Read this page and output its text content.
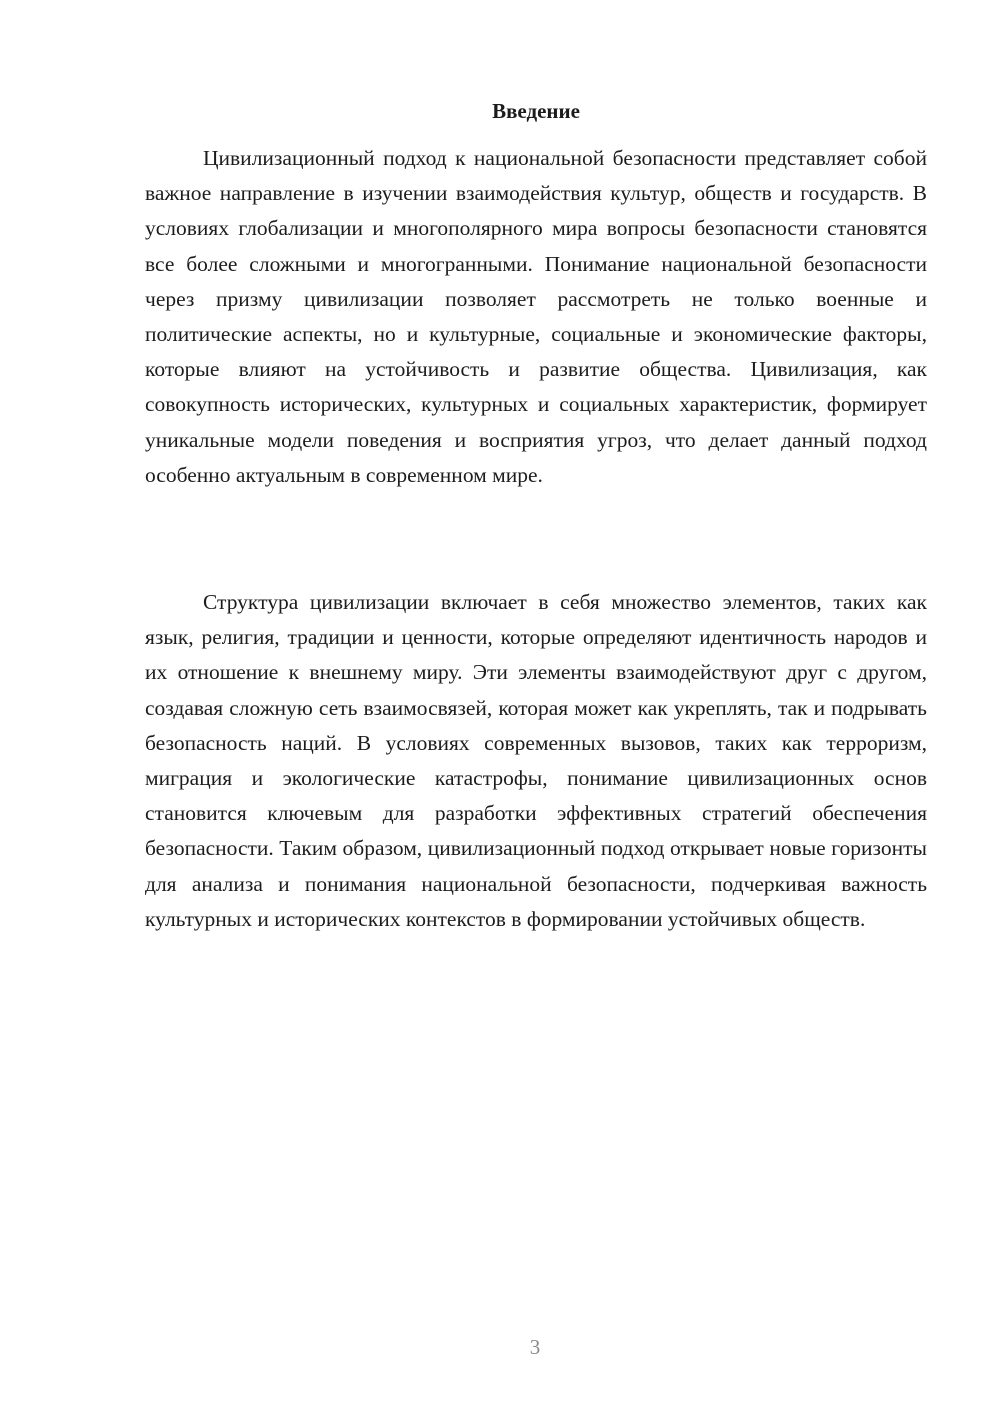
Введение

Цивилизационный подход к национальной безопасности представляет собой важное направление в изучении взаимодействия культур, обществ и государств. В условиях глобализации и многополярного мира вопросы безопасности становятся все более сложными и многогранными. Понимание национальной безопасности через призму цивилизации позволяет рассмотреть не только военные и политические аспекты, но и культурные, социальные и экономические факторы, которые влияют на устойчивость и развитие общества. Цивилизация, как совокупность исторических, культурных и социальных характеристик, формирует уникальные модели поведения и восприятия угроз, что делает данный подход особенно актуальным в современном мире.

Структура цивилизации включает в себя множество элементов, таких как язык, религия, традиции и ценности, которые определяют идентичность народов и их отношение к внешнему миру. Эти элементы взаимодействуют друг с другом, создавая сложную сеть взаимосвязей, которая может как укреплять, так и подрывать безопасность наций. В условиях современных вызовов, таких как терроризм, миграция и экологические катастрофы, понимание цивилизационных основ становится ключевым для разработки эффективных стратегий обеспечения безопасности. Таким образом, цивилизационный подход открывает новые горизонты для анализа и понимания национальной безопасности, подчеркивая важность культурных и исторических контекстов в формировании устойчивых обществ.

3
